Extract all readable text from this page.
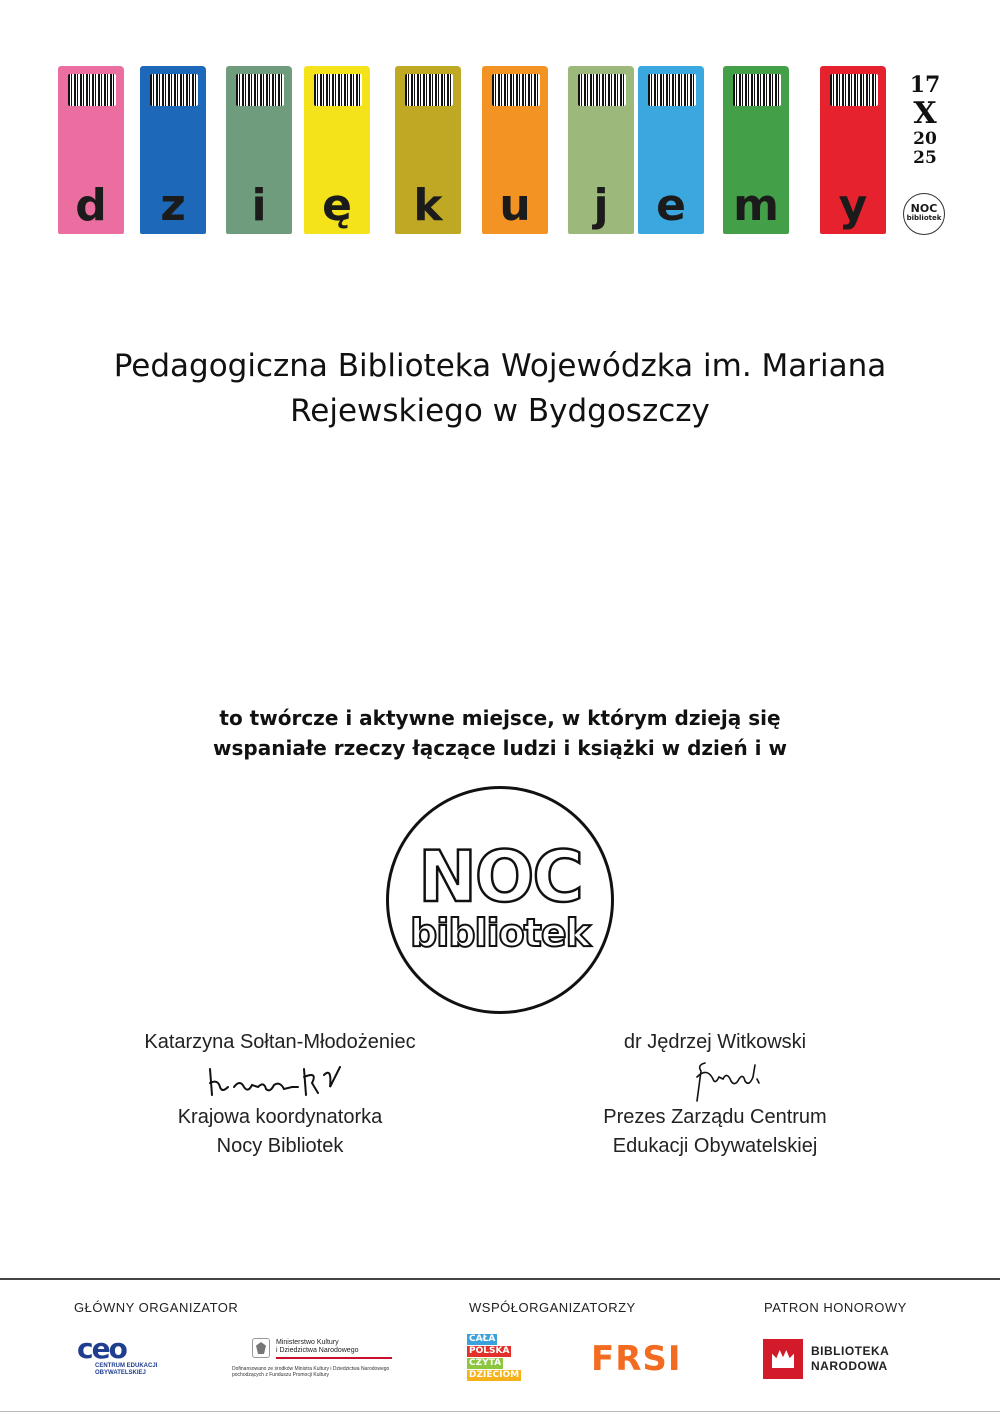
d	z	i	ę	k	u	j	e	m	y
17
X
20
25
NOC
bibliotek
Pedagogiczna Biblioteka Wojewódzka im. Mariana Rejewskiego w Bydgoszczy
to twórcze i aktywne miejsce, w którym dzieją się
wspaniałe rzeczy łączące ludzi i książki w dzień i w
NOC
bibliotek
Katarzyna Sołtan-Młodożeniec
Krajowa koordynatorka
Nocy Bibliotek
dr Jędrzej Witkowski
Prezes Zarządu Centrum
Edukacji Obywatelskiej
GŁÓWNY ORGANIZATOR	WSPÓŁORGANIZATORZY	PATRON HONOROWY
ceo
CENTRUM EDUKACJI
OBYWATELSKIEJ
Ministerstwo Kultury
i Dziedzictwa Narodowego
Dofinansowano ze środków Ministra Kultury i Dziedzictwa Narodowego pochodzących z Funduszu Promocji Kultury
CAŁA
POLSKA
CZYTA
DZIECIOM FRSI	BIBLIOTEKA
NARODOWA
